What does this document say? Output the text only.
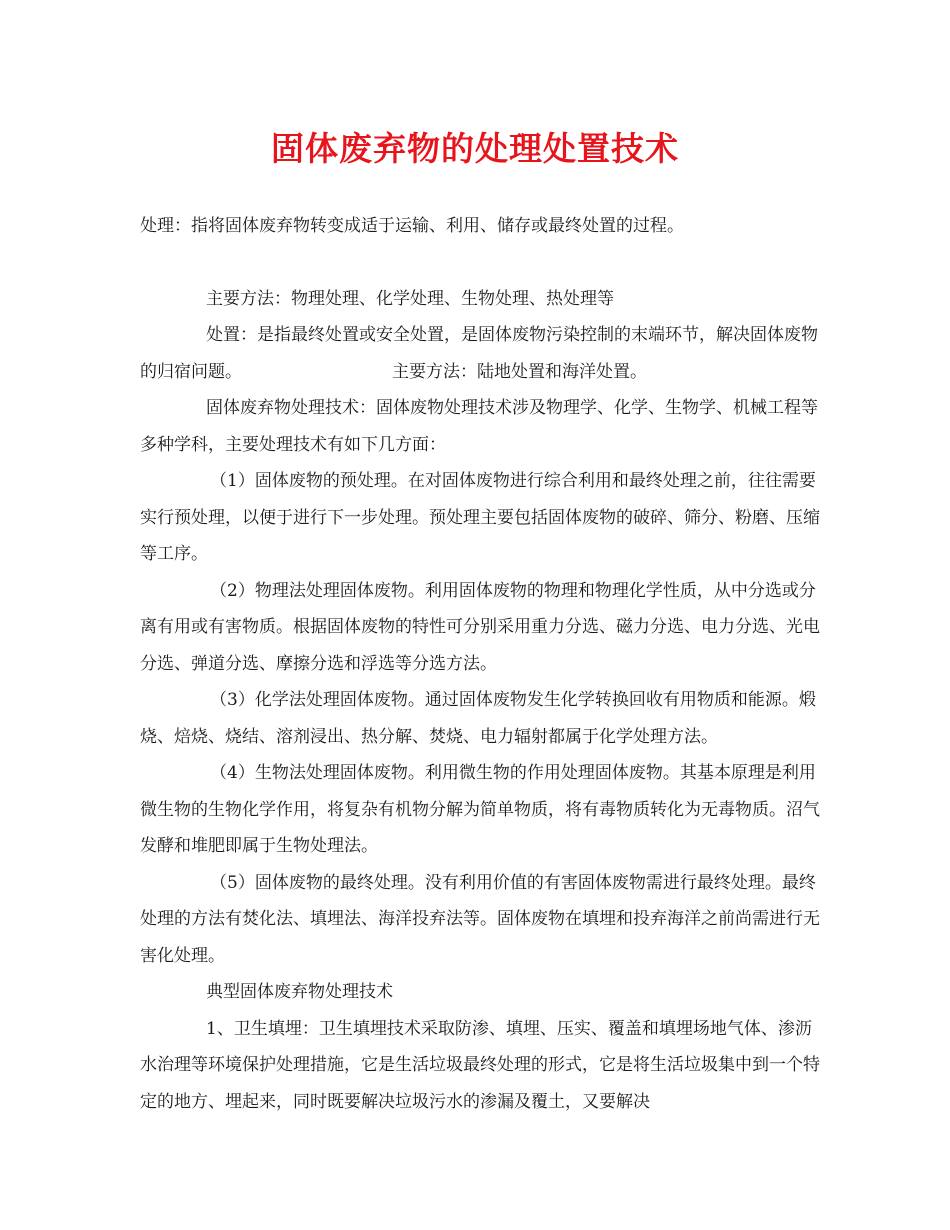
固体废弃物的处理处置技术

处理：指将固体废弃物转变成适于运输、利用、储存或最终处置的过程。

主要方法：物理处理、化学处理、生物处理、热处理等

处置：是指最终处置或安全处置，是固体废物污染控制的末端环节，解决固体废物的归宿问题。	主要方法：陆地处置和海洋处置。

固体废弃物处理技术：固体废物处理技术涉及物理学、化学、生物学、机械工程等多种学科，主要处理技术有如下几方面：

（1）固体废物的预处理。在对固体废物进行综合利用和最终处理之前，往往需要实行预处理，以便于进行下一步处理。预处理主要包括固体废物的破碎、筛分、粉磨、压缩等工序。

（2）物理法处理固体废物。利用固体废物的物理和物理化学性质，从中分选或分离有用或有害物质。根据固体废物的特性可分别采用重力分选、磁力分选、电力分选、光电分选、弹道分选、摩擦分选和浮选等分选方法。

（3）化学法处理固体废物。通过固体废物发生化学转换回收有用物质和能源。煅烧、焙烧、烧结、溶剂浸出、热分解、焚烧、电力辐射都属于化学处理方法。

（4）生物法处理固体废物。利用微生物的作用处理固体废物。其基本原理是利用微生物的生物化学作用，将复杂有机物分解为简单物质，将有毒物质转化为无毒物质。沼气发酵和堆肥即属于生物处理法。

（5）固体废物的最终处理。没有利用价值的有害固体废物需进行最终处理。最终处理的方法有焚化法、填埋法、海洋投弃法等。固体废物在填埋和投弃海洋之前尚需进行无害化处理。

典型固体废弃物处理技术

1、卫生填埋：卫生填埋技术采取防渗、填埋、压实、覆盖和填埋场地气体、渗沥水治理等环境保护处理措施，它是生活垃圾最终处理的形式，它是将生活垃圾集中到一个特定的地方、埋起来，同时既要解决垃圾污水的渗漏及覆土，又要解决
